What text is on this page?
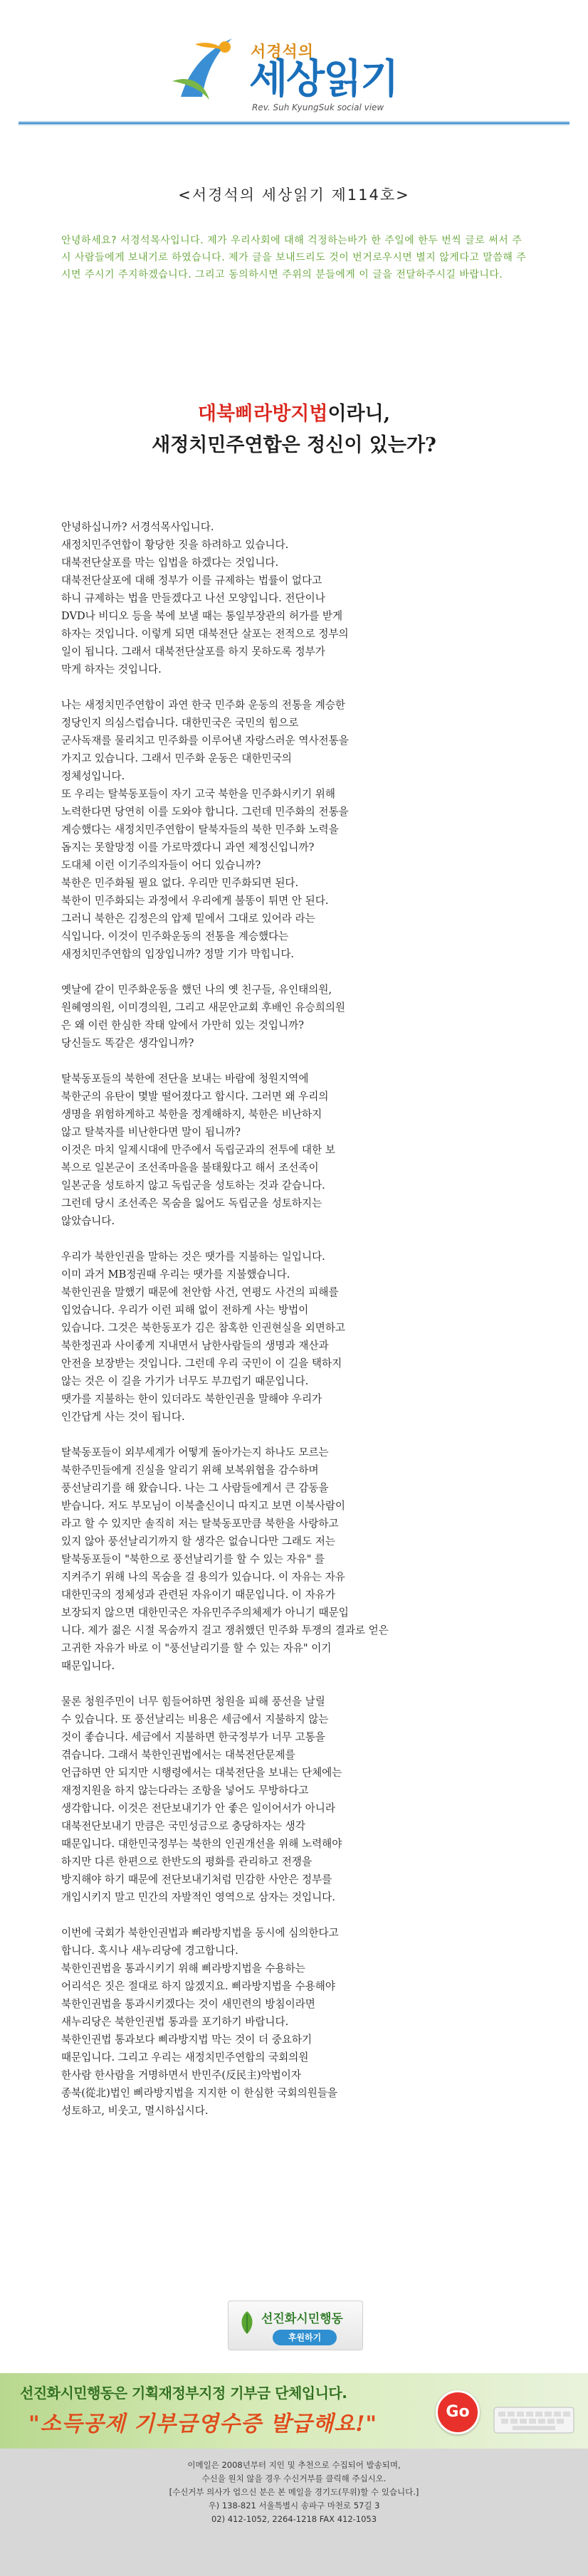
서경석의
세상읽기
Rev. Suh KyungSuk social view
<서경석의 세상읽기 제114호>
안녕하세요? 서경석목사입니다. 제가 우리사회에 대해 걱정하는바가 한 주일에 한두 번씩 글로 써서 주시 사람들에게 보내기로 하였습니다. 제가 글을 보내드리도 것이 번거로우시면 별지 않게다고 말씀해 주시면 주시기 주지하겠습니다. 그리고 동의하시면 주위의 분들에게 이 글을 전달하주시길 바랍니다.
대북삐라방지법이라니,
새정치민주연합은 정신이 있는가?

안녕하십니까? 서경석목사입니다.
새정치민주연합이 황당한 짓을 하려하고 있습니다.
대북전단살포를 막는 입법을 하겠다는 것입니다.
대북전단살포에 대해 정부가 이를 규제하는 법률이 없다고
하니 규제하는 법을 만들겠다고 나선 모양입니다. 전단이나
DVD나 비디오 등을 북에 보낼 때는 통일부장관의 허가를 받게
하자는 것입니다. 이렇게 되면 대북전단 살포는 전적으로 정부의
일이 됩니다. 그래서 대북전단살포를 하지 못하도록 정부가
막게 하자는 것입니다.

나는 새정치민주연합이 과연 한국 민주화 운동의 전통을 계승한
정당인지 의심스럽습니다. 대한민국은 국민의 힘으로
군사독재를 물리치고 민주화를 이루어낸 자랑스러운 역사전통을
가지고 있습니다. 그래서 민주화 운동은 대한민국의
정체성입니다.
또 우리는 탈북동포들이 자기 고국 북한을 민주화시키기 위해
노력한다면 당연히 이를 도와야 합니다. 그런데 민주화의 전통을
계승했다는 새정치민주연합이 탈북자들의 북한 민주화 노력을
돕지는 못할망정 이를 가로막겠다니 과연 제정신입니까?
도대체 이런 이기주의자들이 어디 있습니까?
북한은 민주화될 필요 없다. 우리만 민주화되면 된다.
북한이 민주화되는 과정에서 우리에게 불똥이 튀면 안 된다.
그러니 북한은 김정은의 압제 밑에서 그대로 있어라 라는
식입니다. 이것이 민주화운동의 전통을 계승했다는
새정치민주연합의 입장입니까? 정말 기가 막힙니다.

옛날에 같이 민주화운동을 했던 나의 옛 친구들, 유인태의원,
원혜영의원, 이미경의원, 그리고 새문안교회 후배인 유승희의원
은 왜 이런 한심한 작태 앞에서 가만히 있는 것입니까?
당신들도 똑같은 생각입니까?

탈북동포들의 북한에 전단을 보내는 바람에 청원지역에
북한군의 유탄이 몇발 떨어졌다고 합시다. 그러면 왜 우리의
생명을 위험하게하고 북한을 정계해하지, 북한은 비난하지
않고 탈북자를 비난한다면 말이 됩니까?
이것은 마치 일제시대에 만주에서 독립군과의 전투에 대한 보
복으로 일본군이 조선족마을을 불태웠다고 해서 조선족이
일본군을 성토하지 않고 독립군을 성토하는 것과 같습니다.
그런데 당시 조선족은 목숨을 잃어도 독립군을 성토하지는
않았습니다.

우리가 북한인권을 말하는 것은 땟가를 지불하는 일입니다.
이미 과거 MB정권때 우리는 땟가를 지불했습니다.
북한인권을 말했기 때문에 천안함 사건, 연평도 사건의 피해를
입었습니다. 우리가 이런 피해 없이 전하게 사는 방법이
있습니다. 그것은 북한동포가 김은 참혹한 인권현실을 외면하고
북한정권과 사이좋게 지내면서 남한사람들의 생명과 재산과
안전을 보장받는 것입니다. 그런데 우리 국민이 이 길을 택하지
않는 것은 이 길을 가기가 너무도 부끄럽기 때문입니다.
땟가를 지불하는 한이 있더라도 북한인권을 말해야 우리가
인간답게 사는 것이 됩니다.

탈북동포들이 외부세계가 어떻게 돌아가는지 하나도 모르는
북한주민들에게 진실을 알리기 위해 보복위협을 감수하며
풍선날리기를 해 왔습니다. 나는 그 사람들에게서 큰 감동을
받습니다. 저도 부모님이 이북출신이니 따지고 보면 이북사람이
라고 할 수 있지만 솔직히 저는 탈북동포만큼 북한을 사랑하고
있지 않아 풍선날리기까지 할 생각은 없습니다만 그래도 저는
탈북동포들이 "북한으로 풍선날리기를 할 수 있는 자유" 를
지켜주기 위해 나의 목숨을 걸 용의가 있습니다. 이 자유는 자유
대한민국의 정체성과 관련된 자유이기 때문입니다. 이 자유가
보장되지 않으면 대한민국은 자유민주주의체제가 아니기 때문입
니다. 제가 젊은 시절 목숨까지 걸고 쟁취했던 민주화 투쟁의 결과로 얻은
고귀한 자유가 바로 이 "풍선날리기를 할 수 있는 자유" 이기
때문입니다.

물론 청원주민이 너무 힘들어하면 청원을 피해 풍선을 날릴
수 있습니다. 또 풍선날리는 비용은 세금에서 지불하지 않는
것이 좋습니다. 세금에서 지불하면 한국정부가 너무 고통을
겪습니다. 그래서 북한인권법에서는 대북전단문제를
언급하면 안 되지만 시행령에서는 대북전단을 보내는 단체에는
재정지원을 하지 않는다라는 조항을 넣어도 무방하다고
생각합니다. 이것은 전단보내기가 안 좋은 일이어서가 아니라
대북전단보내기 만큼은 국민성금으로 충당하자는 생각
때문입니다. 대한민국정부는 북한의 인권개선을 위해 노력해야
하지만 다른 한편으로 한반도의 평화를 관리하고 전쟁을
방지해야 하기 때문에 전단보내기처럼 민감한 사안은 정부를
개입시키지 말고 민간의 자발적인 영역으로 삼자는 것입니다.

이번에 국회가 북한인권법과 삐라방지법을 동시에 심의한다고
합니다. 혹시나 새누리당에 경고합니다.
북한인권법을 통과시키기 위해 삐라방지법을 수용하는
어리석은 짓은 절대로 하지 않겠지요. 삐라방지법을 수용해야
북한인권법을 통과시키겠다는 것이 새민련의 방침이라면
새누리당은 북한인권법 통과를 포기하기 바랍니다.
북한인권법 통과보다 삐라방지법 막는 것이 더 중요하기
때문입니다. 그리고 우리는 새정치민주연합의 국회의원
한사람 한사람을 거명하면서 반민주(反民主)악법이자
종북(從北)법인 삐라방지법을 지지한 이 한심한 국회의원들을
성토하고, 비웃고, 멸시하십시다.

선진화시민행동
후원하기
선진화시민행동은 기획재정부지정 기부금 단체입니다.
"소득공제 기부금영수증 발급해요!"	Go
이메일은 2008년부터 지인 및 추천으로 수집되어 발송되며,
수신을 원치 않을 경우 수신거부를 클릭해 주십시오.
[수신거부 의사가 업으신 분은 본 메일을 경기도(무위)할 수 있습니다.]
우) 138-821 서울특별시 송파구 마천로 57길 3
02) 412-1052, 2264-1218 FAX 412-1053
